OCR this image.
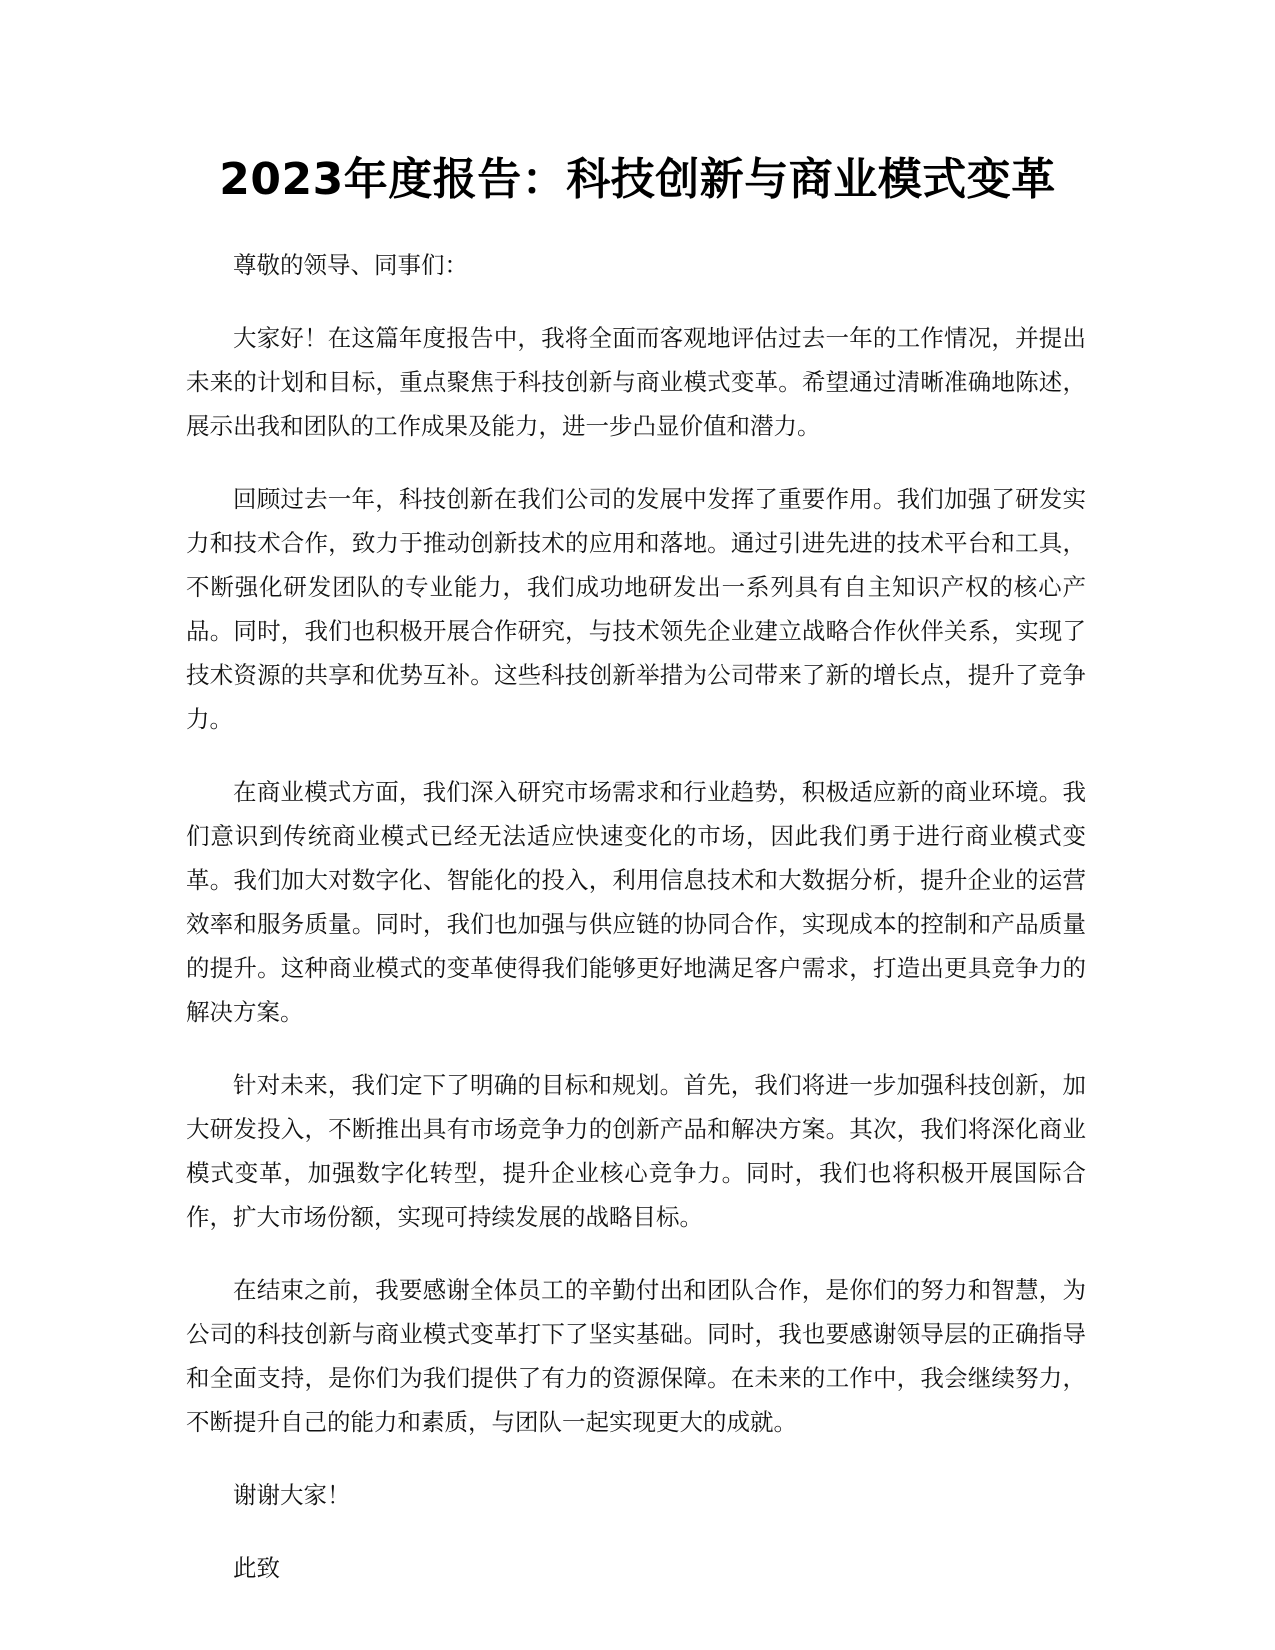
2023年度报告：科技创新与商业模式变革

尊敬的领导、同事们：

大家好！在这篇年度报告中，我将全面而客观地评估过去一年的工作情况，并提出未来的计划和目标，重点聚焦于科技创新与商业模式变革。希望通过清晰准确地陈述，展示出我和团队的工作成果及能力，进一步凸显价值和潜力。

回顾过去一年，科技创新在我们公司的发展中发挥了重要作用。我们加强了研发实力和技术合作，致力于推动创新技术的应用和落地。通过引进先进的技术平台和工具，不断强化研发团队的专业能力，我们成功地研发出一系列具有自主知识产权的核心产品。同时，我们也积极开展合作研究，与技术领先企业建立战略合作伙伴关系，实现了技术资源的共享和优势互补。这些科技创新举措为公司带来了新的增长点，提升了竞争力。

在商业模式方面，我们深入研究市场需求和行业趋势，积极适应新的商业环境。我们意识到传统商业模式已经无法适应快速变化的市场，因此我们勇于进行商业模式变革。我们加大对数字化、智能化的投入，利用信息技术和大数据分析，提升企业的运营效率和服务质量。同时，我们也加强与供应链的协同合作，实现成本的控制和产品质量的提升。这种商业模式的变革使得我们能够更好地满足客户需求，打造出更具竞争力的解决方案。

针对未来，我们定下了明确的目标和规划。首先，我们将进一步加强科技创新，加大研发投入，不断推出具有市场竞争力的创新产品和解决方案。其次，我们将深化商业模式变革，加强数字化转型，提升企业核心竞争力。同时，我们也将积极开展国际合作，扩大市场份额，实现可持续发展的战略目标。

在结束之前，我要感谢全体员工的辛勤付出和团队合作，是你们的努力和智慧，为公司的科技创新与商业模式变革打下了坚实基础。同时，我也要感谢领导层的正确指导和全面支持，是你们为我们提供了有力的资源保障。在未来的工作中，我会继续努力，不断提升自己的能力和素质，与团队一起实现更大的成就。

谢谢大家！

此致
